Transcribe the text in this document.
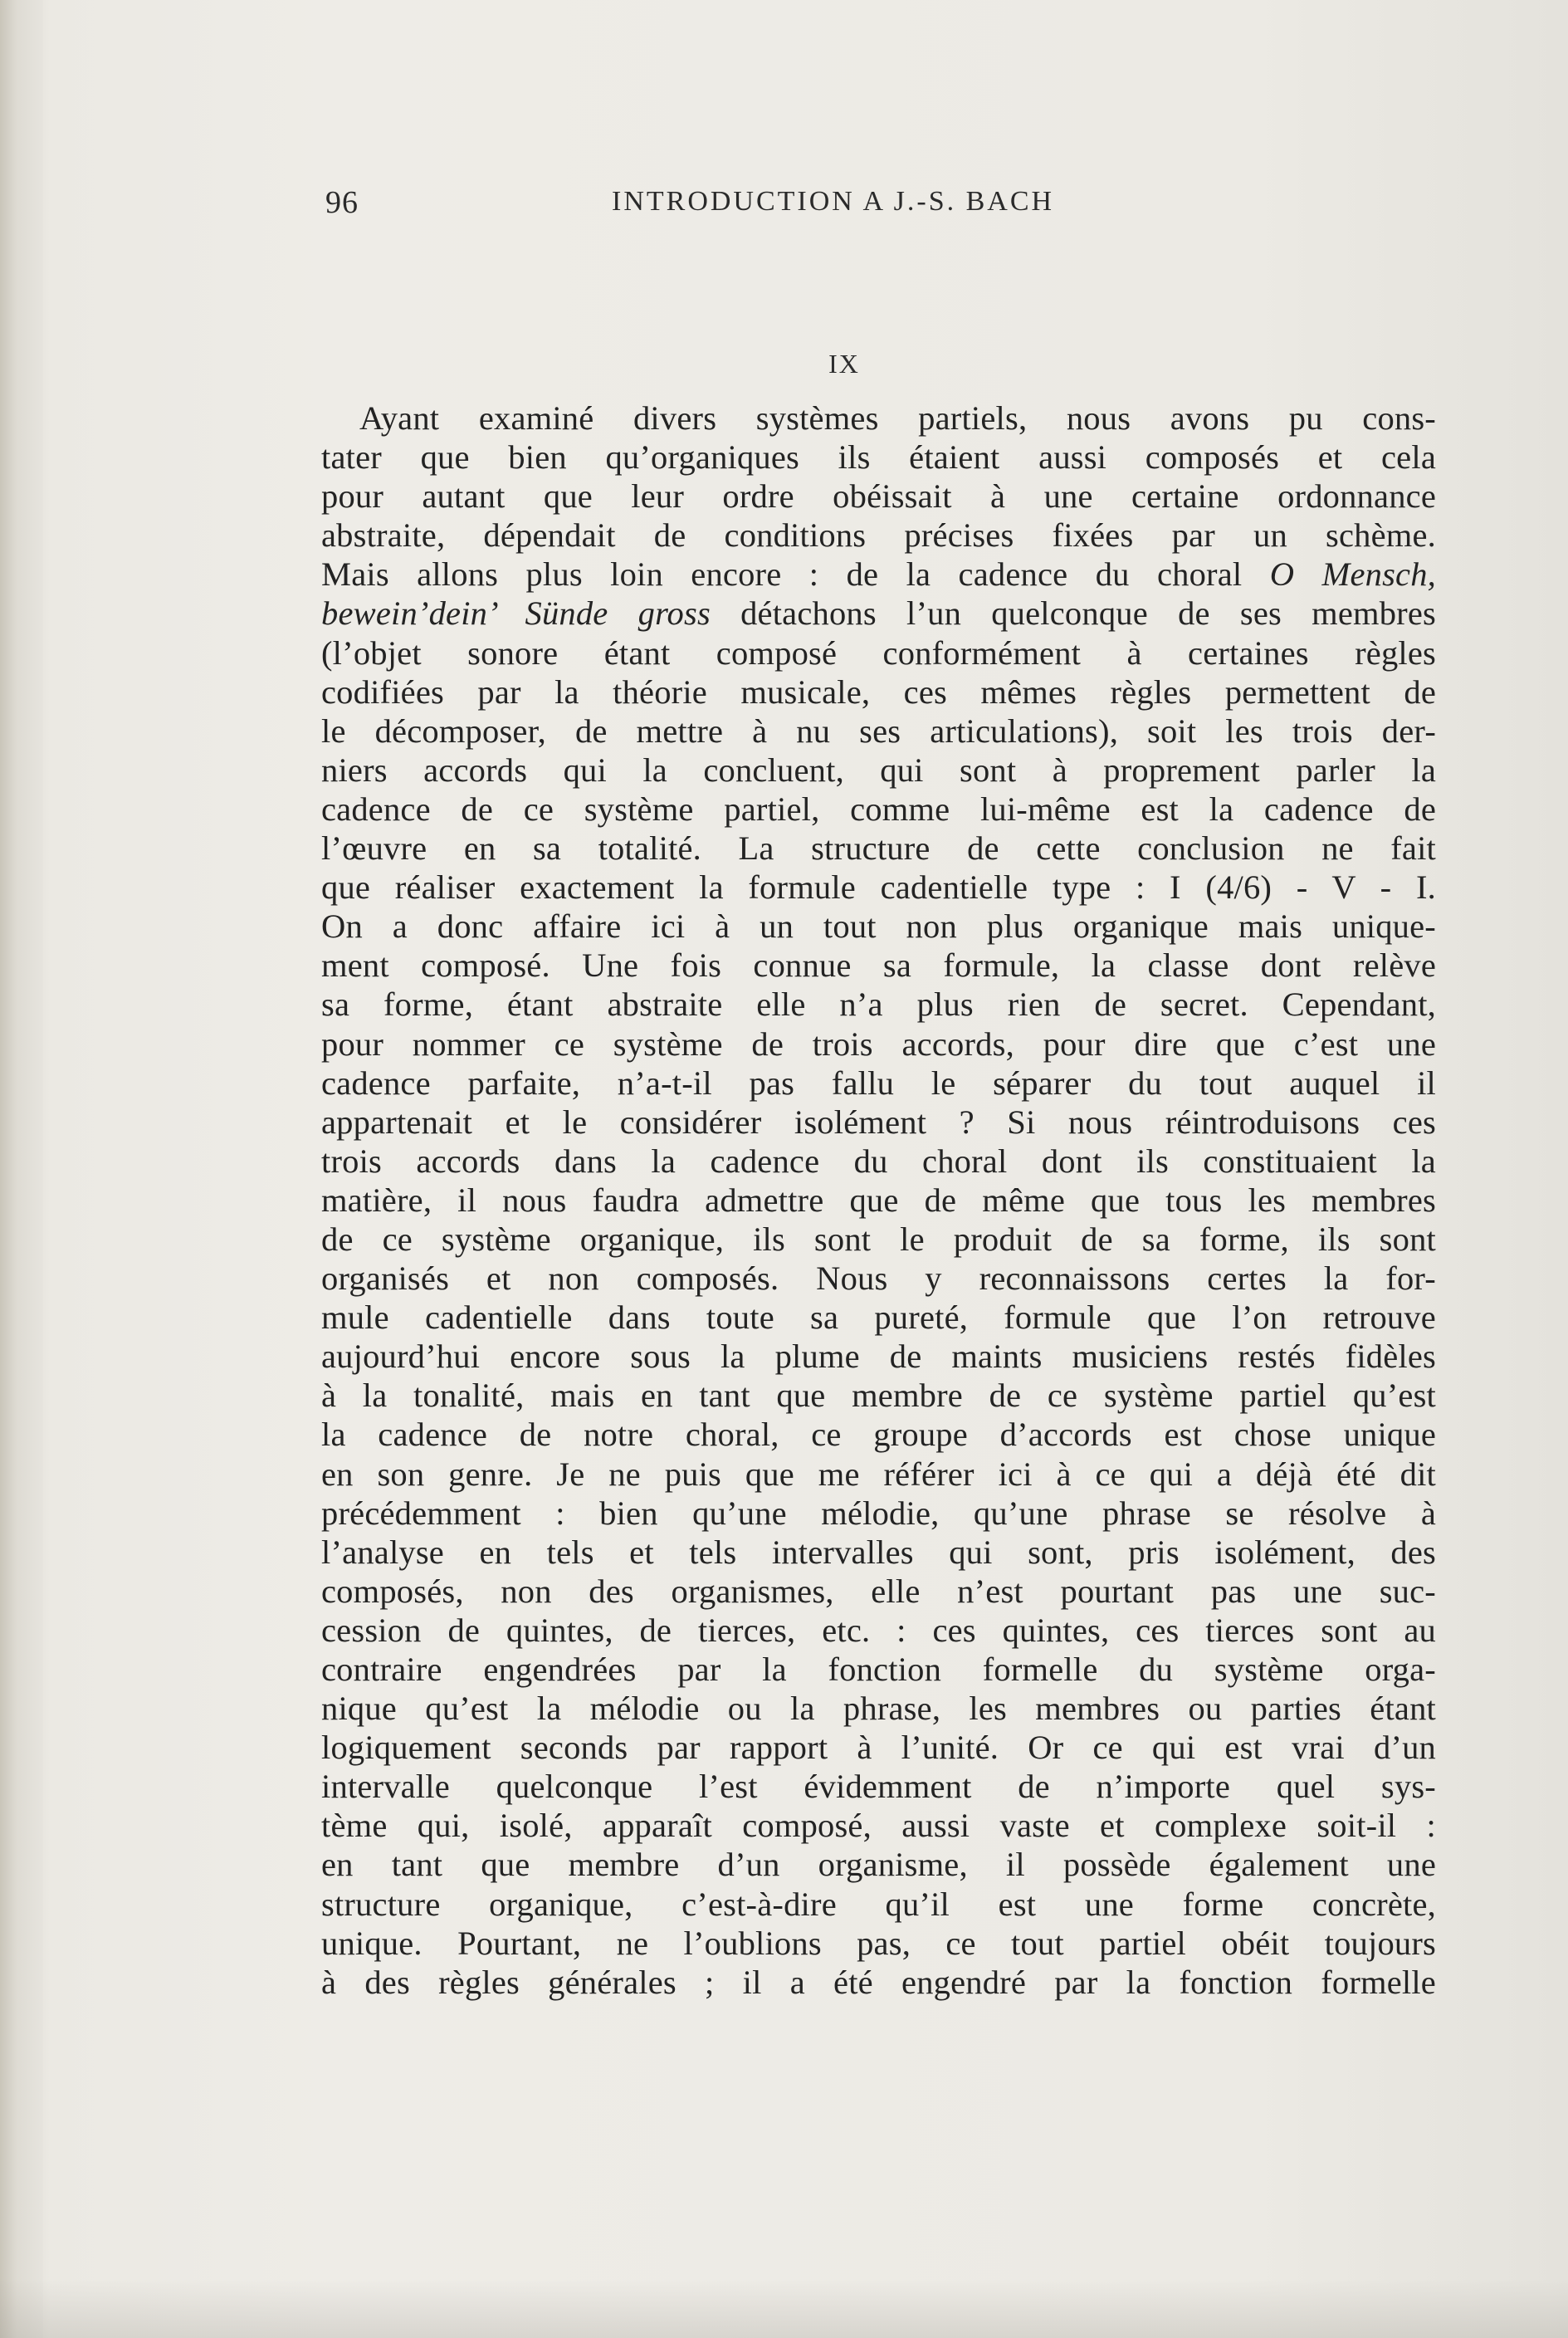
96	INTRODUCTION A J.-S. BACH
IX
Ayant examiné divers systèmes partiels, nous avons pu cons-
tater que bien qu’organiques ils étaient aussi composés et cela
pour autant que leur ordre obéissait à une certaine ordonnance
abstraite, dépendait de conditions précises fixées par un schème.
Mais allons plus loin encore : de la cadence du choral O Mensch,
bewein’dein’ Sünde gross détachons l’un quelconque de ses membres
(l’objet sonore étant composé conformément à certaines règles
codifiées par la théorie musicale, ces mêmes règles permettent de
le décomposer, de mettre à nu ses articulations), soit les trois der-
niers accords qui la concluent, qui sont à proprement parler la
cadence de ce système partiel, comme lui-même est la cadence de
l’œuvre en sa totalité. La structure de cette conclusion ne fait
que réaliser exactement la formule cadentielle type : I (4/6) - V - I.
On a donc affaire ici à un tout non plus organique mais unique-
ment composé. Une fois connue sa formule, la classe dont relève
sa forme, étant abstraite elle n’a plus rien de secret. Cependant,
pour nommer ce système de trois accords, pour dire que c’est une
cadence parfaite, n’a-t-il pas fallu le séparer du tout auquel il
appartenait et le considérer isolément ? Si nous réintroduisons ces
trois accords dans la cadence du choral dont ils constituaient la
matière, il nous faudra admettre que de même que tous les membres
de ce système organique, ils sont le produit de sa forme, ils sont
organisés et non composés. Nous y reconnaissons certes la for-
mule cadentielle dans toute sa pureté, formule que l’on retrouve
aujourd’hui encore sous la plume de maints musiciens restés fidèles
à la tonalité, mais en tant que membre de ce système partiel qu’est
la cadence de notre choral, ce groupe d’accords est chose unique
en son genre. Je ne puis que me référer ici à ce qui a déjà été dit
précédemment : bien qu’une mélodie, qu’une phrase se résolve à
l’analyse en tels et tels intervalles qui sont, pris isolément, des
composés, non des organismes, elle n’est pourtant pas une suc-
cession de quintes, de tierces, etc. : ces quintes, ces tierces sont au
contraire engendrées par la fonction formelle du système orga-
nique qu’est la mélodie ou la phrase, les membres ou parties étant
logiquement seconds par rapport à l’unité. Or ce qui est vrai d’un
intervalle quelconque l’est évidemment de n’importe quel sys-
tème qui, isolé, apparaît composé, aussi vaste et complexe soit-il :
en tant que membre d’un organisme, il possède également une
structure organique, c’est-à-dire qu’il est une forme concrète,
unique. Pourtant, ne l’oublions pas, ce tout partiel obéit toujours
à des règles générales ; il a été engendré par la fonction formelle
